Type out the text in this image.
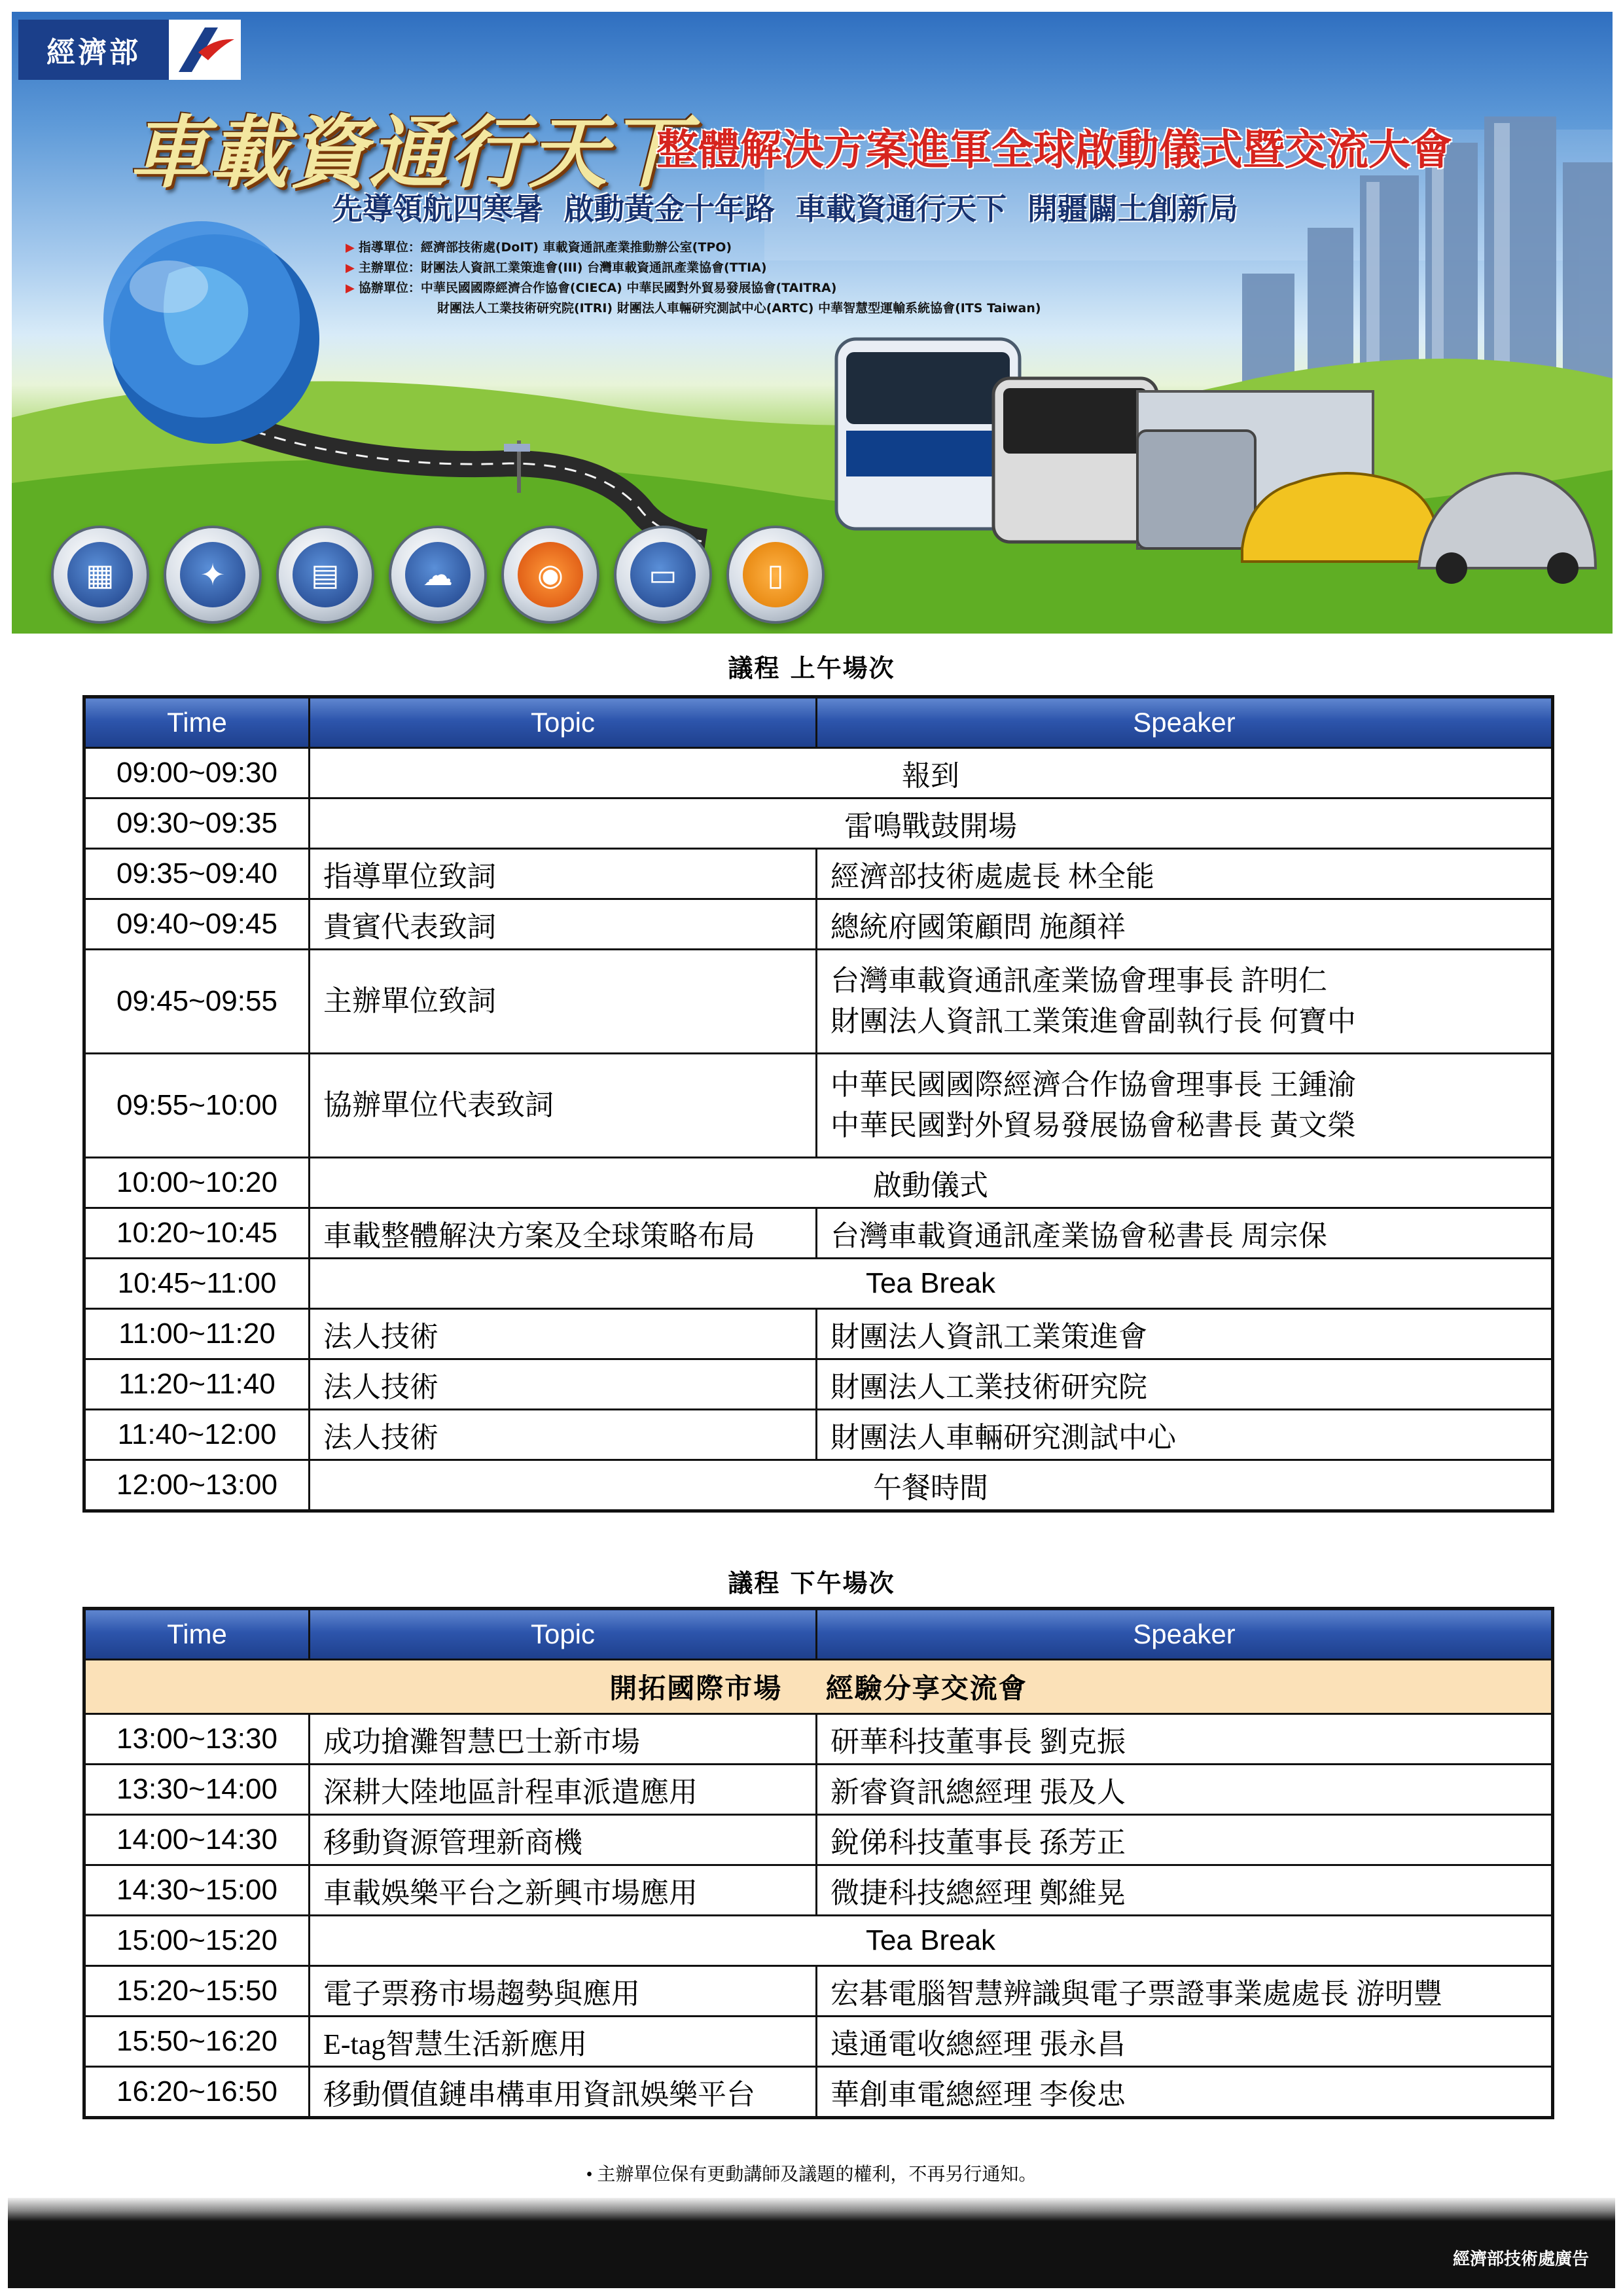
經濟部
車載資通行天下
整體解決方案進軍全球啟動儀式暨交流大會
先導領航四寒暑 啟動黃金十年路 車載資通行天下 開疆闢土創新局
▶ 指導單位：經濟部技術處(DoIT) 車載資通訊產業推動辦公室(TPO)
▶ 主辦單位：財團法人資訊工業策進會(III) 台灣車載資通訊產業協會(TTIA)
▶ 協辦單位：中華民國國際經濟合作協會(CIECA) 中華民國對外貿易發展協會(TAITRA)
財團法人工業技術研究院(ITRI) 財團法人車輛研究測試中心(ARTC) 中華智慧型運輸系統協會(ITS Taiwan)
▦	✦	▤	☁	◉	▭	▯
議程 上午場次
Time	Topic	Speaker
09:00~09:30	報到	
09:30~09:35	雷鳴戰鼓開場	
09:35~09:40	指導單位致詞	經濟部技術處處長 林全能
09:40~09:45	貴賓代表致詞	總統府國策顧問 施顏祥
09:45~09:55	主辦單位致詞	台灣車載資通訊產業協會理事長 許明仁
財團法人資訊工業策進會副執行長 何寶中

09:55~10:00	協辦單位代表致詞	中華民國國際經濟合作協會理事長 王鍾渝
中華民國對外貿易發展協會秘書長 黃文榮

10:00~10:20	啟動儀式	
10:20~10:45	車載整體解決方案及全球策略布局	台灣車載資通訊產業協會秘書長 周宗保
10:45~11:00	Tea Break	
11:00~11:20	法人技術	財團法人資訊工業策進會
11:20~11:40	法人技術	財團法人工業技術研究院
11:40~12:00	法人技術	財團法人車輛研究測試中心
12:00~13:00	午餐時間	
議程 下午場次
Time	Topic	Speaker
開拓國際市場    經驗分享交流會		
13:00~13:30	成功搶灘智慧巴士新市場	研華科技董事長 劉克振
13:30~14:00	深耕大陸地區計程車派遣應用	新睿資訊總經理 張及人
14:00~14:30	移動資源管理新商機	銳俤科技董事長 孫芳正
14:30~15:00	車載娛樂平台之新興市場應用	微捷科技總經理 鄭維晃
15:00~15:20	Tea Break	
15:20~15:50	電子票務市場趨勢與應用	宏碁電腦智慧辨識與電子票證事業處處長 游明豐
15:50~16:20	E-tag智慧生活新應用	遠通電收總經理 張永昌
16:20~16:50	移動價值鏈串構車用資訊娛樂平台	華創車電總經理 李俊忠
• 主辦單位保有更動講師及議題的權利，不再另行通知。
經濟部技術處廣告
